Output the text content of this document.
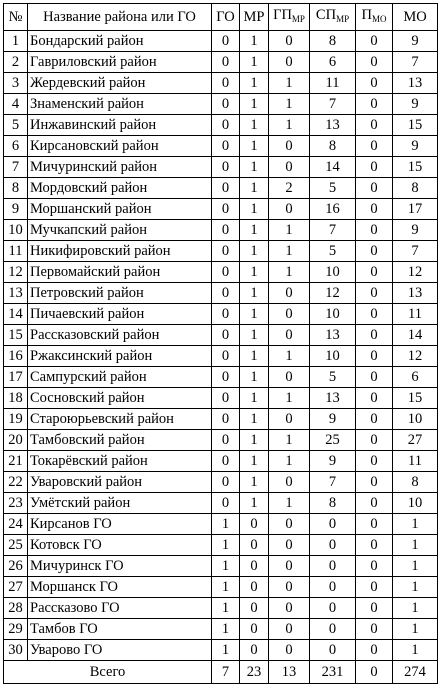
№	Название района или ГО	ГО	МР	$ГП_{МР}$	$СП_{МР}$	$П_{МО}$	МО
1	Бондарский район	0	1	0	8	0	9
2	Гавриловский район	0	1	0	6	0	7
3	Жердевский район	0	1	1	11	0	13
4	Знаменский район	0	1	1	7	0	9
5	Инжавинский район	0	1	1	13	0	15
6	Кирсановский район	0	1	0	8	0	9
7	Мичуринский район	0	1	0	14	0	15
8	Мордовский район	0	1	2	5	0	8
9	Моршанский район	0	1	0	16	0	17
10	Мучкапский район	0	1	1	7	0	9
11	Никифировский район	0	1	1	5	0	7
12	Первомайский район	0	1	1	10	0	12
13	Петровский район	0	1	0	12	0	13
14	Пичаевский район	0	1	0	10	0	11
15	Рассказовский район	0	1	0	13	0	14
16	Ржаксинский район	0	1	1	10	0	12
17	Сампурский район	0	1	0	5	0	6
18	Сосновский район	0	1	1	13	0	15
19	Староюрьевский район	0	1	0	9	0	10
20	Тамбовский район	0	1	1	25	0	27
21	Токарёвский район	0	1	1	9	0	11
22	Уваровский район	0	1	0	7	0	8
23	Умётский район	0	1	1	8	0	10
24	Кирсанов ГО	1	0	0	0	0	1
25	Котовск ГО	1	0	0	0	0	1
26	Мичуринск ГО	1	0	0	0	0	1
27	Моршанск ГО	1	0	0	0	0	1
28	Рассказово ГО	1	0	0	0	0	1
29	Тамбов ГО	1	0	0	0	0	1
30	Уварово ГО	1	0	0	0	0	1
Всего		7	23	13	231	0	274
